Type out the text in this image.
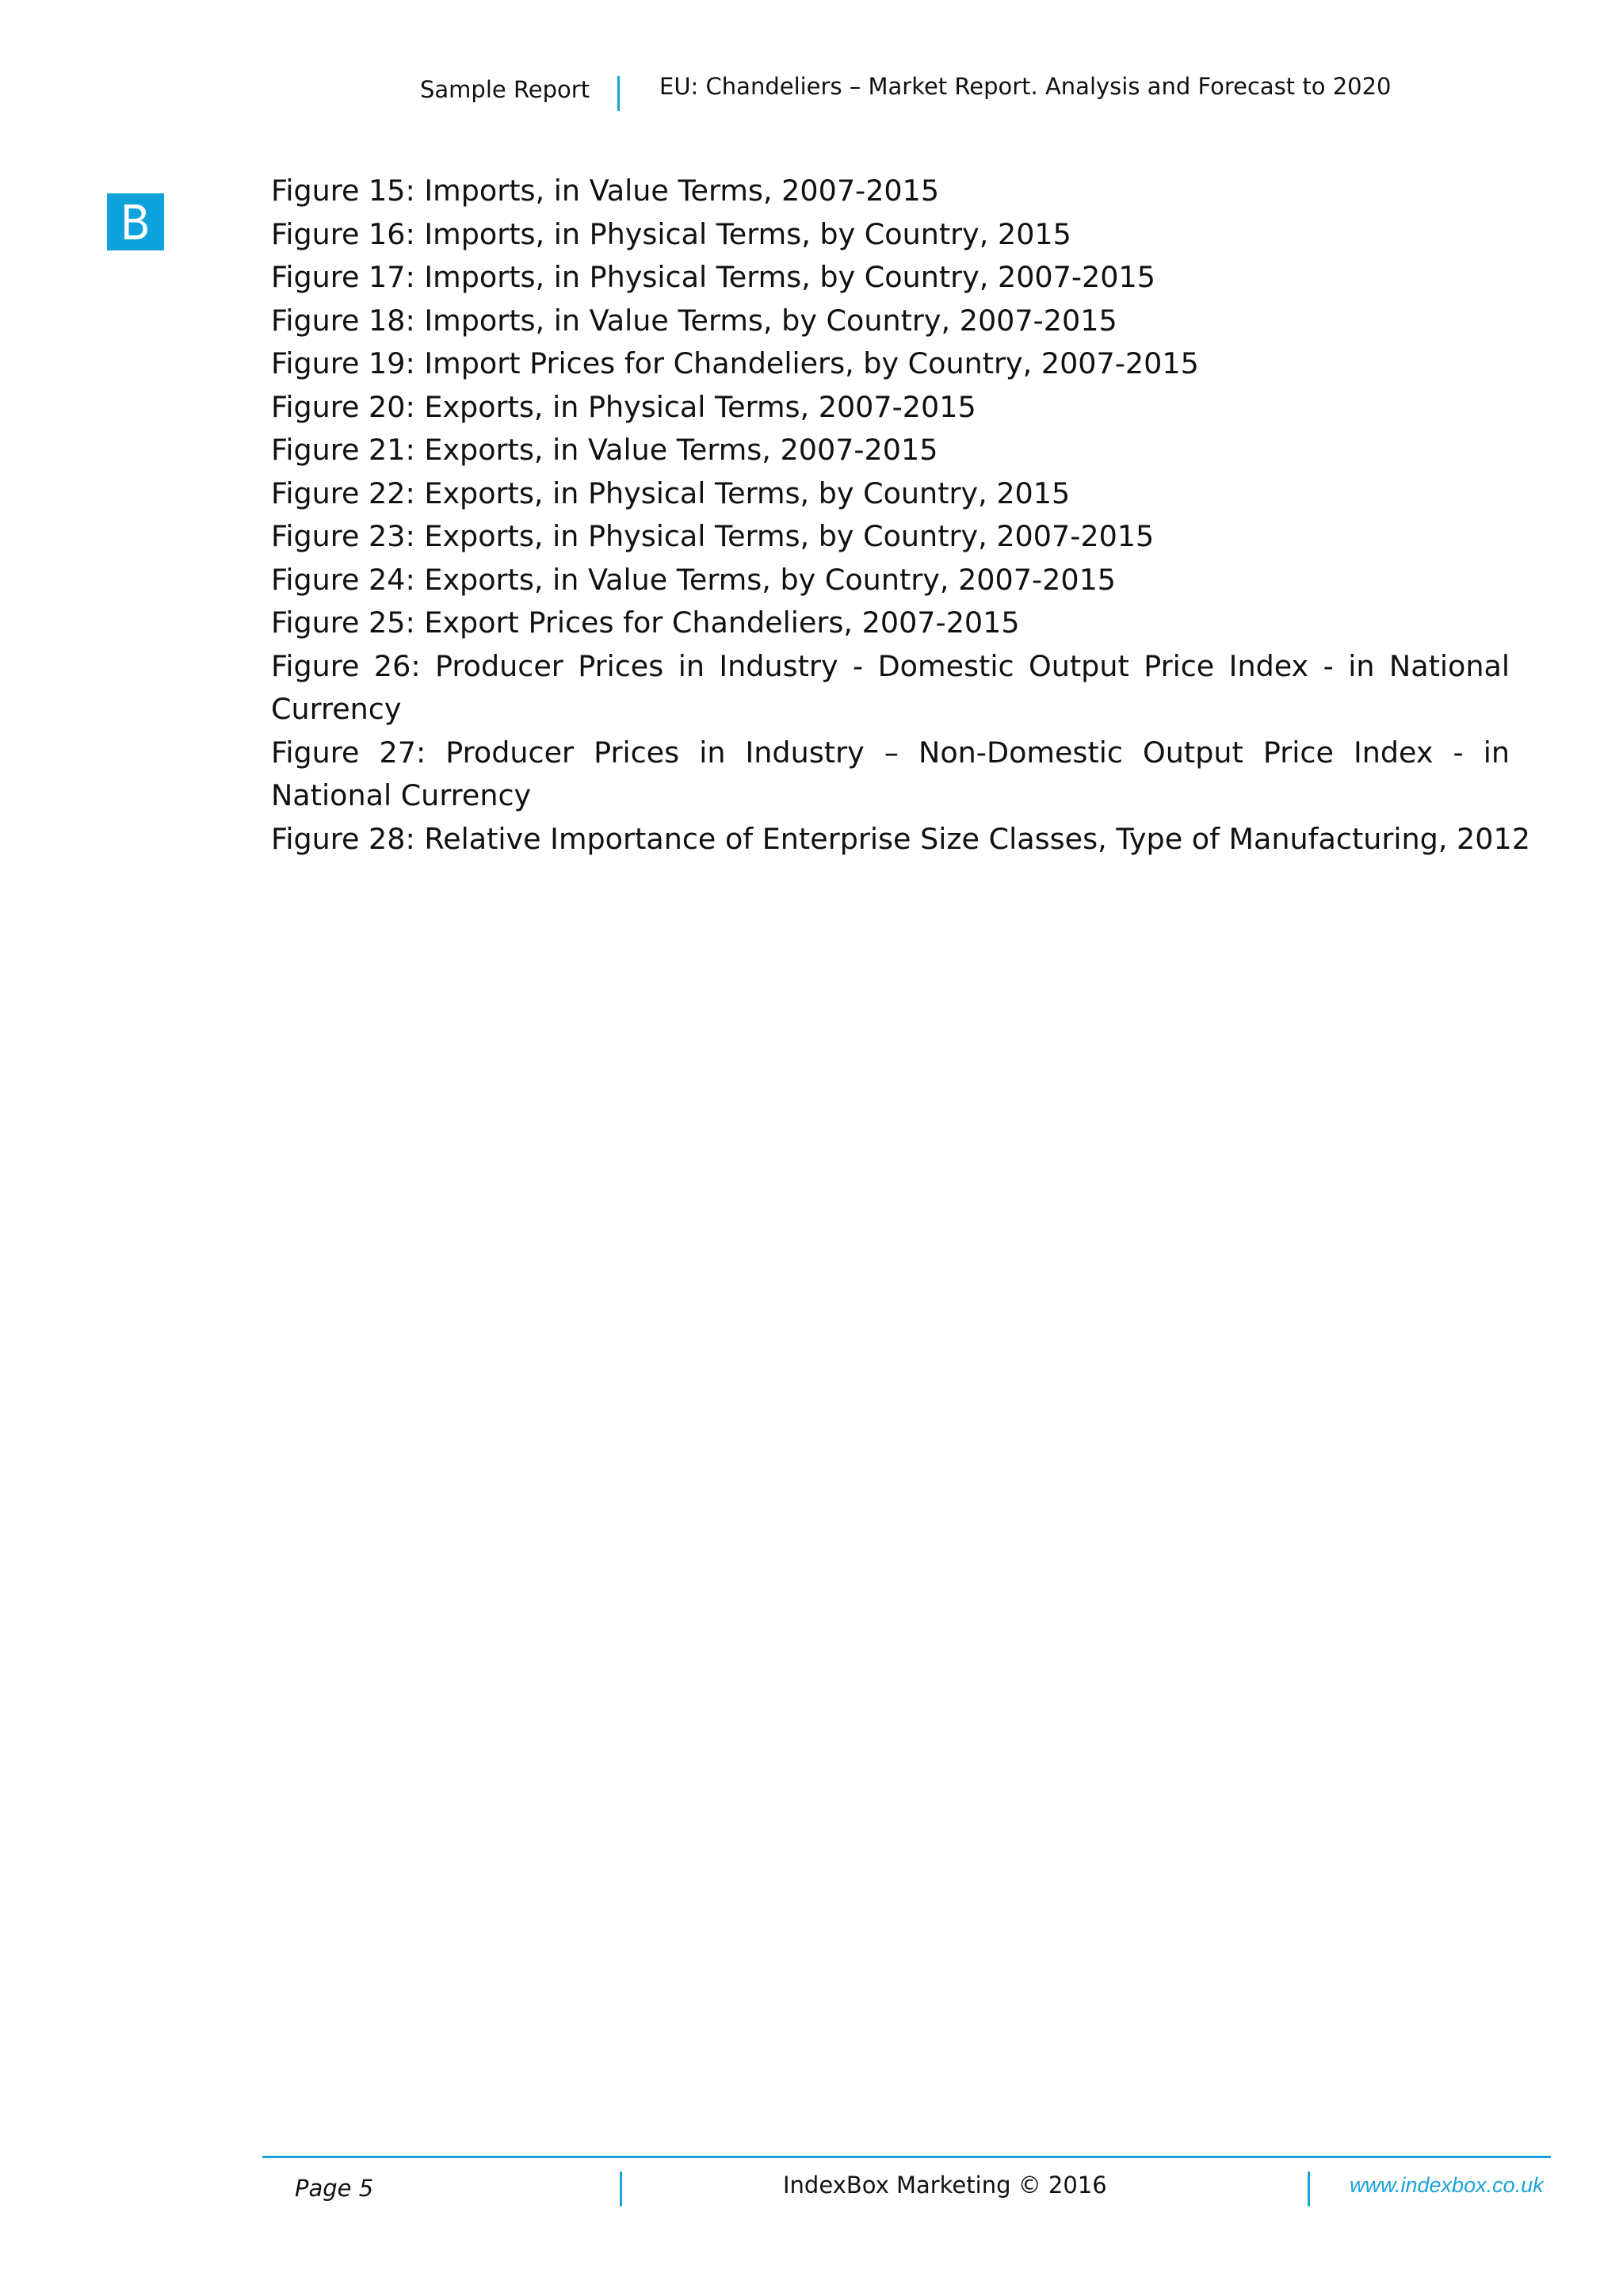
Sample Report	EU: Chandeliers – Market Report. Analysis and Forecast to 2020
Figure 15: Imports, in Value Terms, 2007-2015
Figure 16: Imports, in Physical Terms, by Country, 2015
Figure 17: Imports, in Physical Terms, by Country, 2007-2015
Figure 18: Imports, in Value Terms, by Country, 2007-2015
Figure 19: Import Prices for Chandeliers, by Country, 2007-2015
Figure 20: Exports, in Physical Terms, 2007-2015
Figure 21: Exports, in Value Terms, 2007-2015
Figure 22: Exports, in Physical Terms, by Country, 2015
Figure 23: Exports, in Physical Terms, by Country, 2007-2015
Figure 24: Exports, in Value Terms, by Country, 2007-2015
Figure 25: Export Prices for Chandeliers, 2007-2015
Figure 26: Producer Prices in Industry - Domestic Output Price Index - in National Currency
Figure 27: Producer Prices in Industry – Non-Domestic Output Price Index - in National Currency
Figure 28: Relative Importance of Enterprise Size Classes, Type of Manufacturing, 2012
Page 5	IndexBox Marketing © 2016	www.indexbox.co.uk
